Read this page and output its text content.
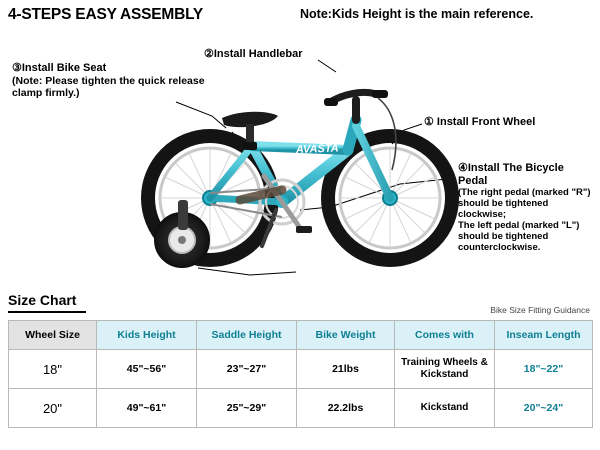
4-STEPS EASY ASSEMBLY	Note:Kids Height is the main reference.
③Install Bike Seat
(Note: Please tighten the quick release clamp firmly.)
②Install Handlebar
① Install Front Wheel
④Install The Bicycle
Pedal
(The right pedal (marked "R") should be tightened clockwise;
The left pedal (marked "L") should be tightened counterclockwise.
AVASTA
Size Chart
Bike Size Fitting Guidance
Wheel Size	Kids Height	Saddle Height	Bike Weight	Comes with	Inseam Length
18"	45"~56"	23"~27"	21lbs	Training Wheels & Kickstand	18"~22"
20"	49"~61"	25"~29"	22.2lbs	Kickstand	20"~24"
